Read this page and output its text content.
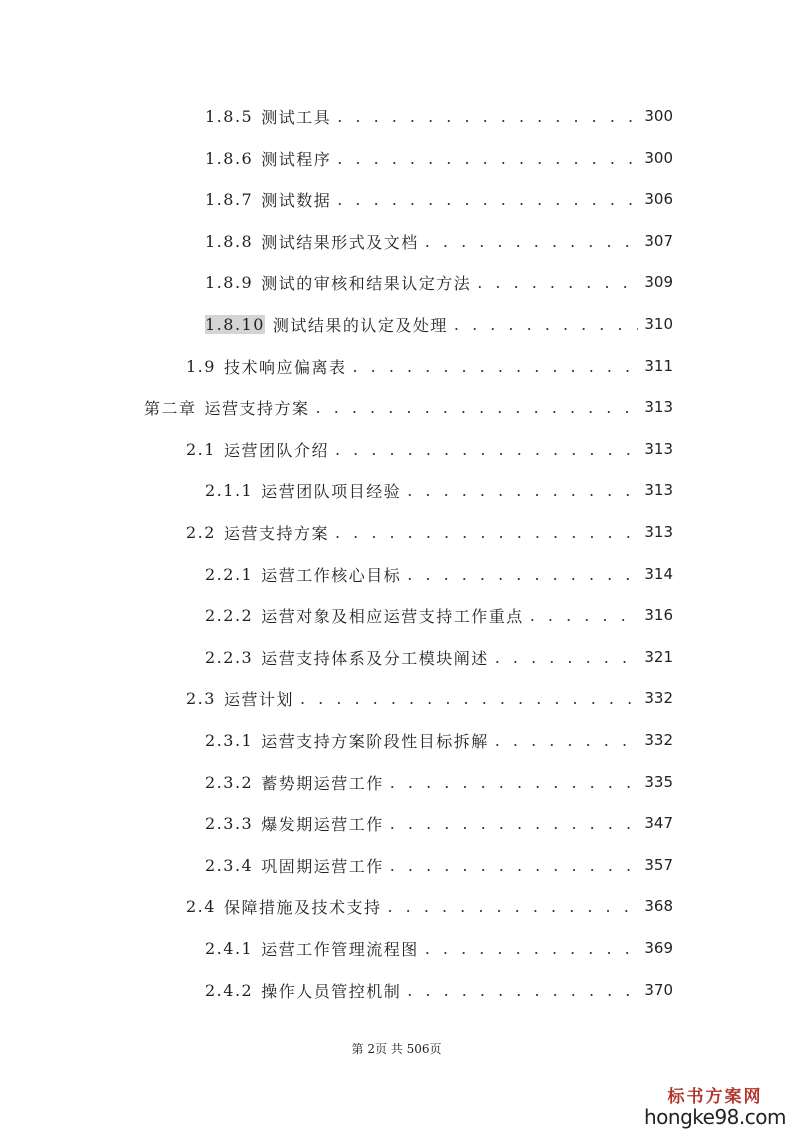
1.8.5 测试工具 . . .	300
1.8.6 测试程序 . . .	300
1.8.7 测试数据 . . .	306
1.8.8 测试结果形式及文档 . . .	307
1.8.9 测试的审核和结果认定方法 . . .	309
1.8.10 测试结果的认定及处理 . . .	310
1.9 技术响应偏离表 . . .	311
第二章 运营支持方案 . . .	313
2.1 运营团队介绍 . . .	313
2.1.1 运营团队项目经验 . . .	313
2.2 运营支持方案 . . .	313
2.2.1 运营工作核心目标 . . .	314
2.2.2 运营对象及相应运营支持工作重点 . . .	316
2.2.3 运营支持体系及分工模块阐述 . . .	321
2.3 运营计划 . . .	332
2.3.1 运营支持方案阶段性目标拆解 . . .	332
2.3.2 蓄势期运营工作 . . .	335
2.3.3 爆发期运营工作 . . .	347
2.3.4 巩固期运营工作 . . .	357
2.4 保障措施及技术支持 . . .	368
2.4.1 运营工作管理流程图 . . .	369
2.4.2 操作人员管控机制 . . .	370
第 2页 共 506页
标书方案网
hongke98.com
